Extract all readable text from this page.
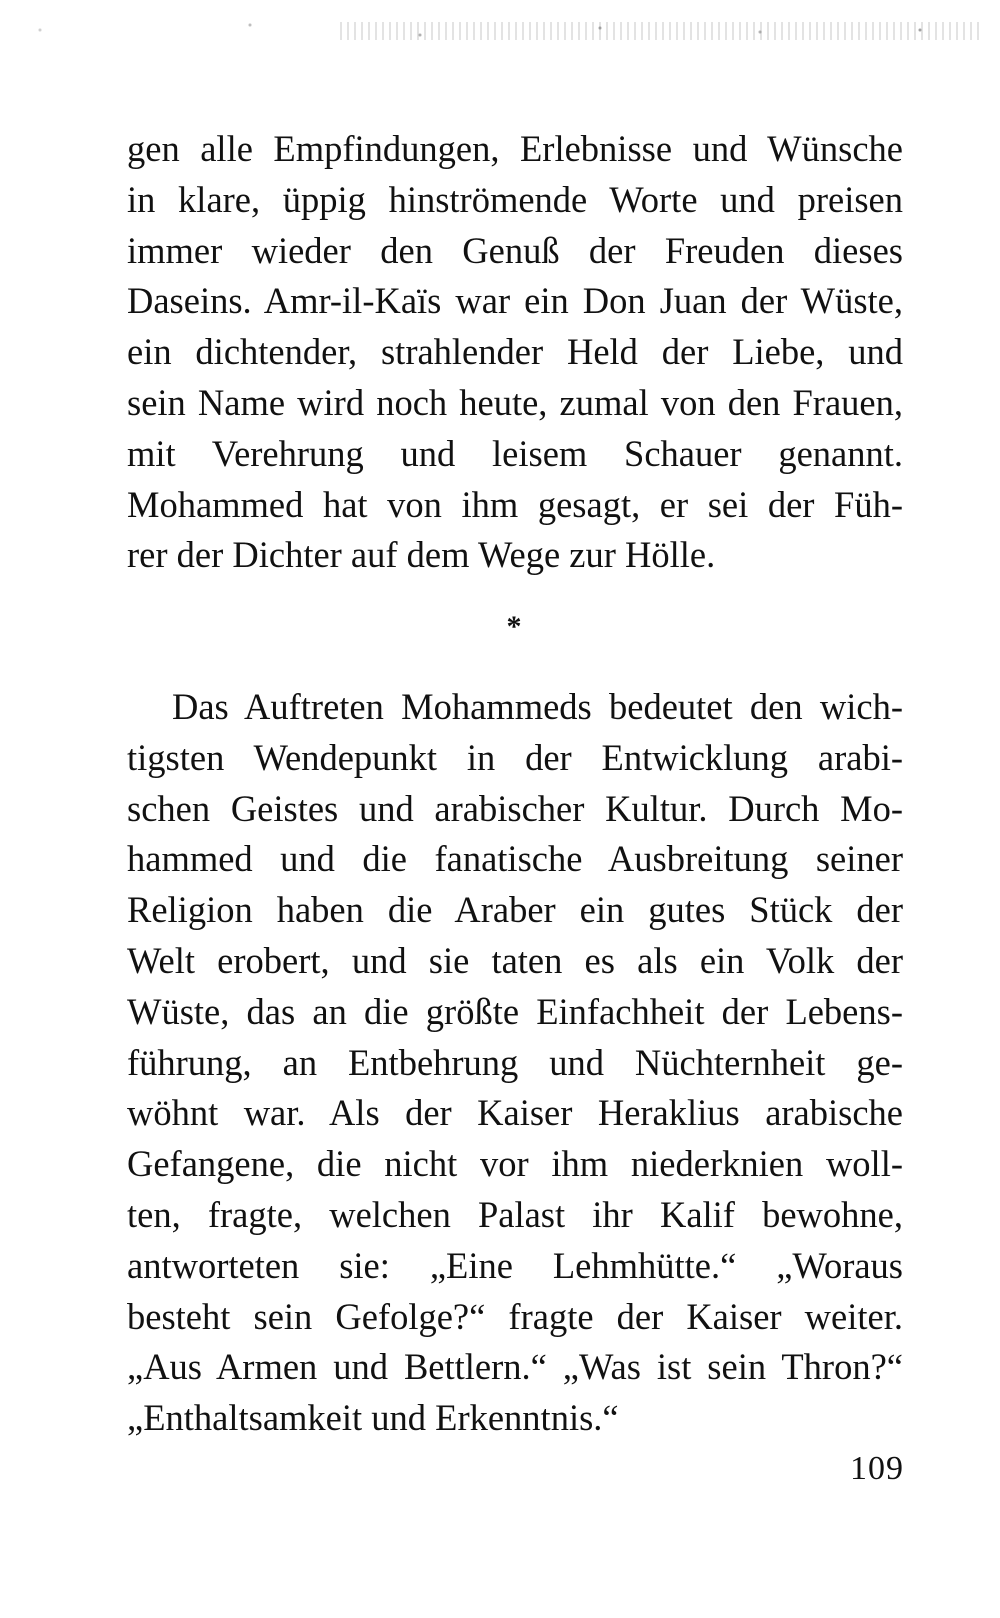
gen alle Empfindungen, Erlebnisse und Wünsche
in klare, üppig hinströmende Worte und preisen
immer wieder den Genuß der Freuden dieses
Daseins. Amr-il-Kaïs war ein Don Juan der Wüste,
ein dichtender, strahlender Held der Liebe, und
sein Name wird noch heute, zumal von den Frauen,
mit Verehrung und leisem Schauer genannt.
Mohammed hat von ihm gesagt, er sei der Füh-
rer der Dichter auf dem Wege zur Hölle.
*
Das Auftreten Mohammeds bedeutet den wich-
tigsten Wendepunkt in der Entwicklung arabi-
schen Geistes und arabischer Kultur. Durch Mo-
hammed und die fanatische Ausbreitung seiner
Religion haben die Araber ein gutes Stück der
Welt erobert, und sie taten es als ein Volk der
Wüste, das an die größte Einfachheit der Lebens-
führung, an Entbehrung und Nüchternheit ge-
wöhnt war. Als der Kaiser Heraklius arabische
Gefangene, die nicht vor ihm niederknien woll-
ten, fragte, welchen Palast ihr Kalif bewohne,
antworteten sie: „Eine Lehmhütte.“ „Woraus
besteht sein Gefolge?“ fragte der Kaiser weiter.
„Aus Armen und Bettlern.“ „Was ist sein Thron?“
„Enthaltsamkeit und Erkenntnis.“
109
